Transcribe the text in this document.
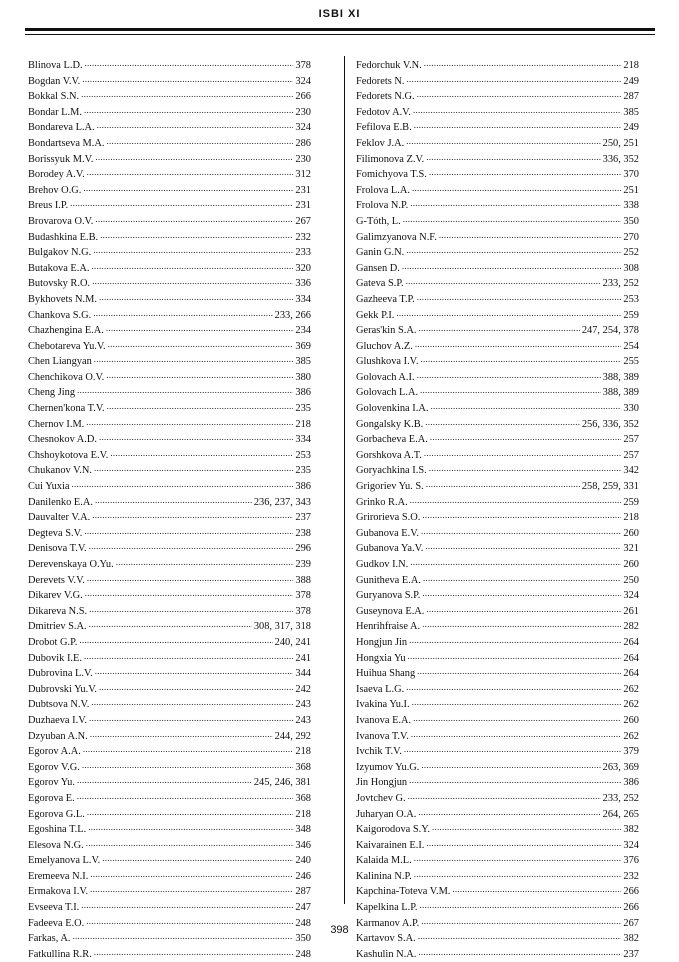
ISBI XI
Blinova L.D. . . .	378
Bogdan V.V. . . .	324
Bokkal S.N. . . .	266
Bondar L.M. . . .	230
Bondareva L.A. . . .	324
Bondartseva M.A. . . .	286
Borissyuk M.V. . . .	230
Borodey A.V. . . .	312
Brehov O.G. . . .	231
Breus I.P. . . .	231
Brovarova O.V. . . .	267
Budashkina E.B. . . .	232
Bulgakov N.G. . . .	233
Butakova E.A. . . .	320
Butovsky R.O. . . .	336
Bykhovets N.M. . . .	334
Chankova S.G. . . .	233, 266
Chazhengina E.A. . . .	234
Chebotareva Yu.V. . . .	369
Chen Liangyan . . .	385
Chenchikova O.V. . . .	380
Cheng Jing . . .	386
Chernen'kona T.V. . . .	235
Chernov I.M. . . .	218
Chesnokov A.D. . . .	334
Chshoykotova E.V. . . .	253
Chukanov V.N. . . .	235
Cui Yuxia . . .	386
Danilenko E.A. . . .	236, 237, 343
Dauvalter V.A. . . .	237
Degteva S.V. . . .	238
Denisova T.V. . . .	296
Derevenskaya O.Yu. . . .	239
Derevets V.V. . . .	388
Dikarev V.G. . . .	378
Dikareva N.S. . . .	378
Dmitriev S.A. . . .	308, 317, 318
Drobot G.P. . . .	240, 241
Dubovik I.E. . . .	241
Dubrovina L.V. . . .	344
Dubrovski Yu.V. . . .	242
Dubtsova N.V. . . .	243
Duzhaeva I.V. . . .	243
Dzyuban A.N. . . .	244, 292
Egorov A.A. . . .	218
Egorov V.G. . . .	368
Egorov Yu. . . .	245, 246, 381
Egorova E. . . .	368
Egorova G.L. . . .	218
Egoshina T.L. . . .	348
Elesova N.G. . . .	346
Emelyanova L.V. . . .	240
Eremeeva N.I. . . .	246
Ermakova I.V. . . .	287
Evseeva T.I. . . .	247
Fadeeva E.O. . . .	248
Farkas, A. . . .	350
Fatkullina R.R. . . .	248
Fedorchuk V.N. . . .	218
Fedorets N. . . .	249
Fedorets N.G. . . .	287
Fedotov A.V. . . .	385
Fefilova E.B. . . .	249
Feklov J.A. . . .	250, 251
Filimonova Z.V. . . .	336, 352
Fomichyova T.S. . . .	370
Frolova L.A. . . .	251
Frolova N.P. . . .	338
G-Tóth, L. . . .	350
Galimzyanova N.F. . . .	270
Ganin G.N. . . .	252
Gansen D. . . .	308
Gateva S.P. . . .	233, 252
Gazheeva T.P. . . .	253
Gekk P.I. . . .	259
Geras'kin S.A. . . .	247, 254, 378
Gluchov A.Z. . . .	254
Glushkova I.V. . . .	255
Golovach A.I. . . .	388, 389
Golovach L.A. . . .	388, 389
Golovenkina I.A. . . .	330
Gongalsky K.B. . . .	256, 336, 352
Gorbacheva E.A. . . .	257
Gorshkova A.T. . . .	257
Goryachkina I.S. . . .	342
Grigoriev Yu. S. . . .	258, 259, 331
Grinko R.A. . . .	259
Grirorieva S.O. . . .	218
Gubanova E.V. . . .	260
Gubanova Ya.V. . . .	321
Gudkov I.N. . . .	260
Gunitheva E.A. . . .	250
Guryanova S.P. . . .	324
Guseynova E.A. . . .	261
Henrihfraise A. . . .	282
Hongjun Jin . . .	264
Hongxia Yu . . .	264
Huihua Shang . . .	264
Isaeva L.G. . . .	262
Ivakina Yu.I. . . .	262
Ivanova E.A. . . .	260
Ivanova T.V. . . .	262
Ivchik T.V. . . .	379
Izyumov Yu.G. . . .	263, 369
Jin Hongjun . . .	386
Jovtchev G. . . .	233, 252
Juharyan O.A. . . .	264, 265
Kaigorodova S.Y. . . .	382
Kaivarainen E.I. . . .	324
Kalaida M.L. . . .	376
Kalinina N.P. . . .	232
Kapchina-Toteva V.M. . . .	266
Kapelkina L.P. . . .	266
Karmanov A.P. . . .	267
Kartavov S.A. . . .	382
Kashulin N.A. . . .	237
398
